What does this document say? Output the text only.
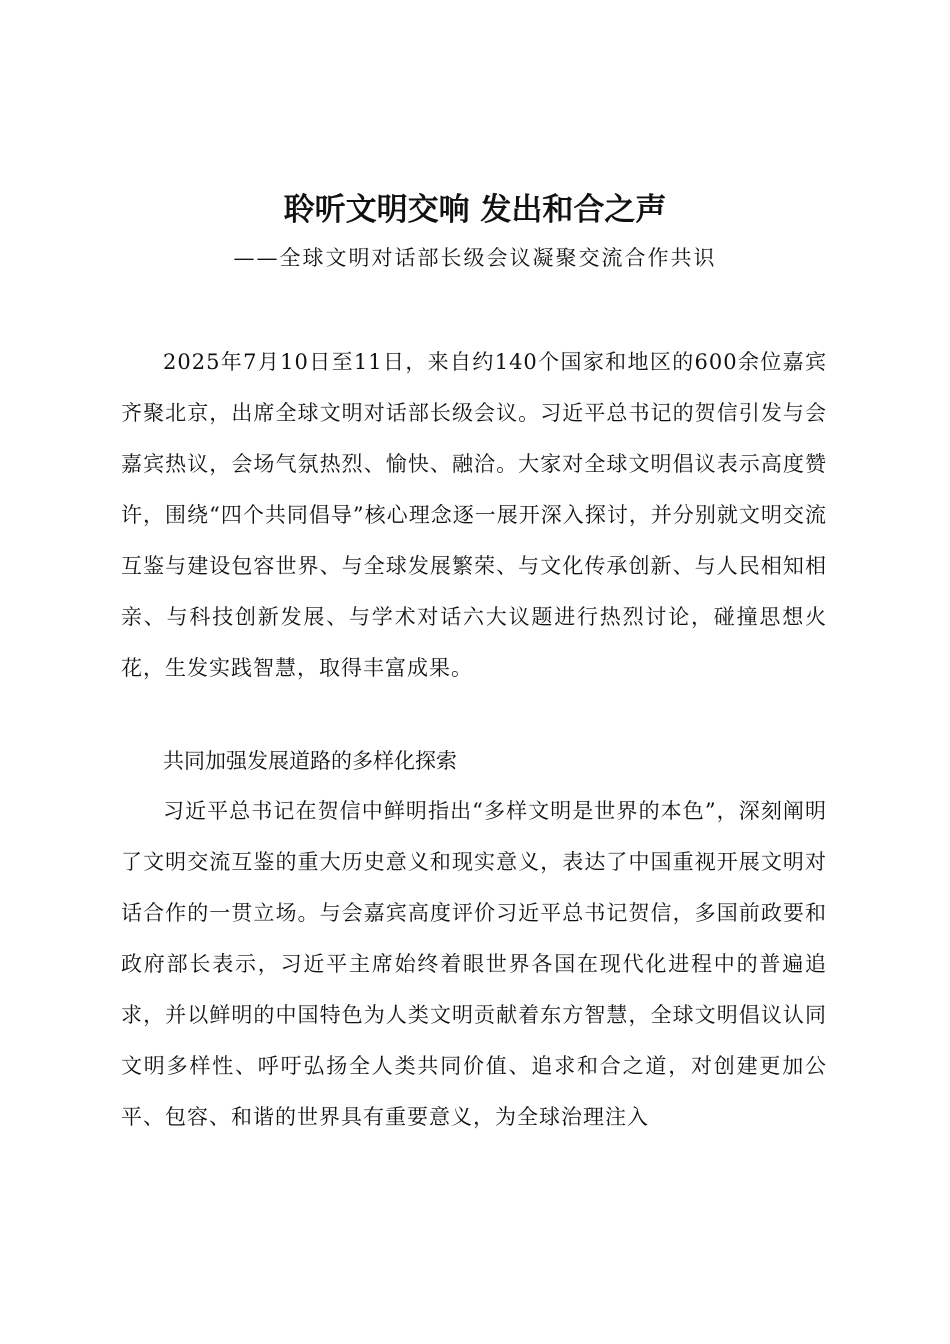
聆听文明交响 发出和合之声
——全球文明对话部长级会议凝聚交流合作共识

2025年7月10日至11日，来自约140个国家和地区的600余位嘉宾齐聚北京，出席全球文明对话部长级会议。习近平总书记的贺信引发与会嘉宾热议，会场气氛热烈、愉快、融洽。大家对全球文明倡议表示高度赞许，围绕“四个共同倡导”核心理念逐一展开深入探讨，并分别就文明交流互鉴与建设包容世界、与全球发展繁荣、与文化传承创新、与人民相知相亲、与科技创新发展、与学术对话六大议题进行热烈讨论，碰撞思想火花，生发实践智慧，取得丰富成果。

共同加强发展道路的多样化探索

习近平总书记在贺信中鲜明指出“多样文明是世界的本色”，深刻阐明了文明交流互鉴的重大历史意义和现实意义，表达了中国重视开展文明对话合作的一贯立场。与会嘉宾高度评价习近平总书记贺信，多国前政要和政府部长表示，习近平主席始终着眼世界各国在现代化进程中的普遍追求，并以鲜明的中国特色为人类文明贡献着东方智慧，全球文明倡议认同文明多样性、呼吁弘扬全人类共同价值、追求和合之道，对创建更加公平、包容、和谐的世界具有重要意义，为全球治理注入
